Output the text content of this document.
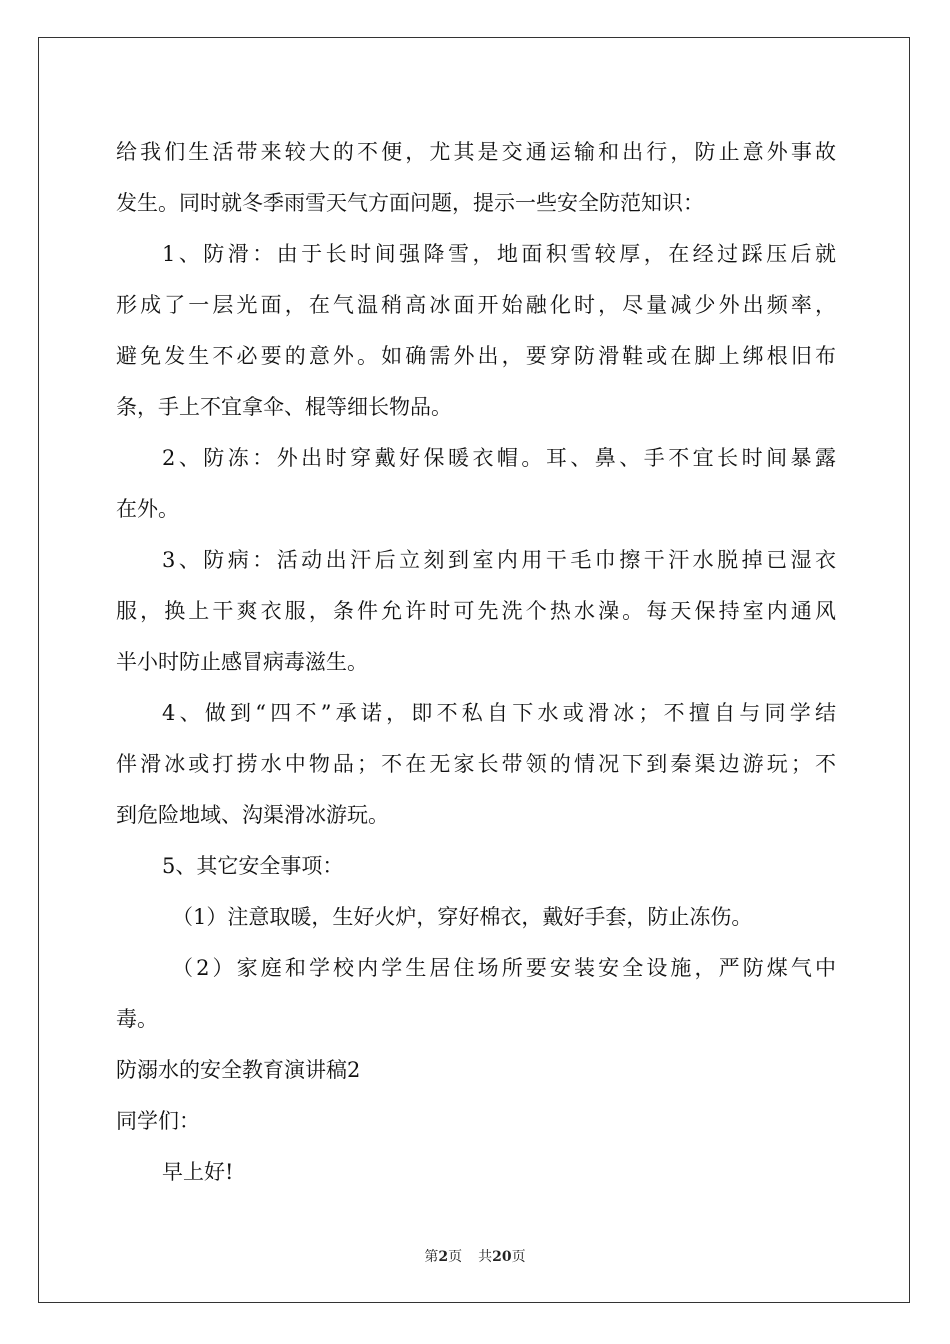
给我们生活带来较大的不便，尤其是交通运输和出行，防止意外事故
发生。同时就冬季雨雪天气方面问题，提示一些安全防范知识：
1、防滑：由于长时间强降雪，地面积雪较厚，在经过踩压后就
形成了一层光面，在气温稍高冰面开始融化时，尽量减少外出频率，
避免发生不必要的意外。如确需外出，要穿防滑鞋或在脚上绑根旧布
条，手上不宜拿伞、棍等细长物品。
2、防冻：外出时穿戴好保暖衣帽。耳、鼻、手不宜长时间暴露
在外。
3、防病：活动出汗后立刻到室内用干毛巾擦干汗水脱掉已湿衣
服，换上干爽衣服，条件允许时可先洗个热水澡。每天保持室内通风
半小时防止感冒病毒滋生。
4、做到“四不”承诺，即不私自下水或滑冰；不擅自与同学结
伴滑冰或打捞水中物品；不在无家长带领的情况下到秦渠边游玩；不
到危险地域、沟渠滑冰游玩。
5、其它安全事项：
（1）注意取暖，生好火炉，穿好棉衣，戴好手套，防止冻伤。
（2）家庭和学校内学生居住场所要安装安全设施，严防煤气中
毒。
防溺水的安全教育演讲稿2
同学们：
早上好!
第2页 共20页
